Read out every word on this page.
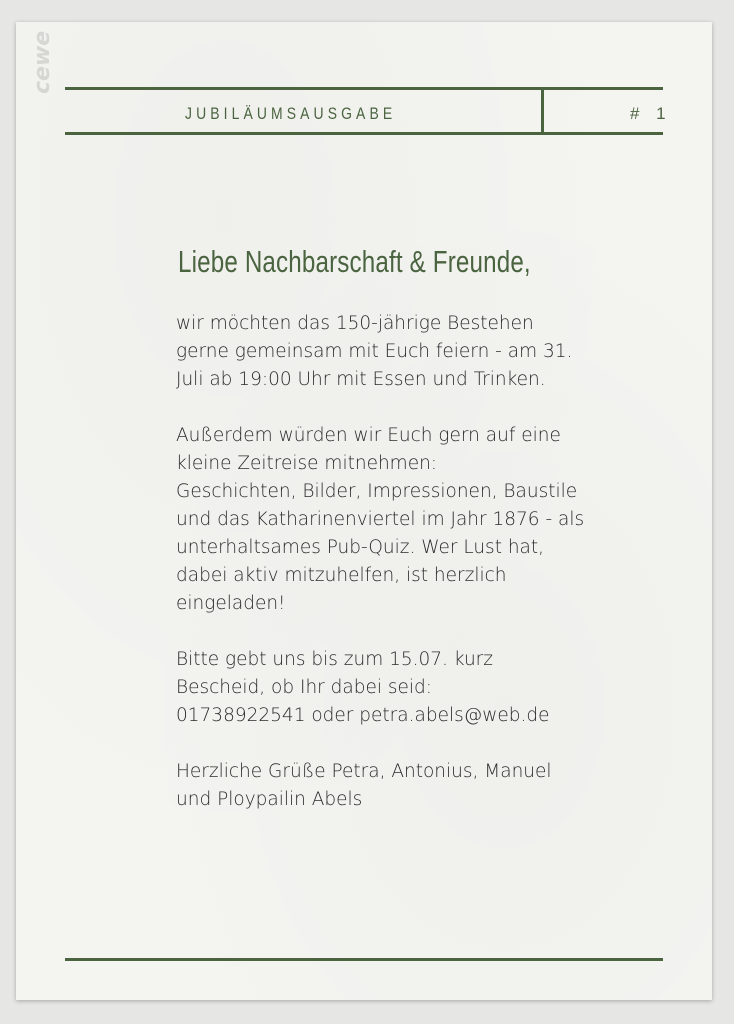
cewe
JUBILÄUMSAUSGABE	# 1
Liebe Nachbarschaft & Freunde,

wir möchten das 150-jährige Bestehen
gerne gemeinsam mit Euch feiern - am 31.
Juli ab 19:00 Uhr mit Essen und Trinken.

Außerdem würden wir Euch gern auf eine
kleine Zeitreise mitnehmen:
Geschichten, Bilder, Impressionen, Baustile
und das Katharinenviertel im Jahr 1876 - als
unterhaltsames Pub-Quiz. Wer Lust hat,
dabei aktiv mitzuhelfen, ist herzlich
eingeladen!

Bitte gebt uns bis zum 15.07. kurz
Bescheid, ob Ihr dabei seid:
01738922541 oder petra.abels@web.de

Herzliche Grüße Petra, Antonius, Manuel
und Ploypailin Abels
